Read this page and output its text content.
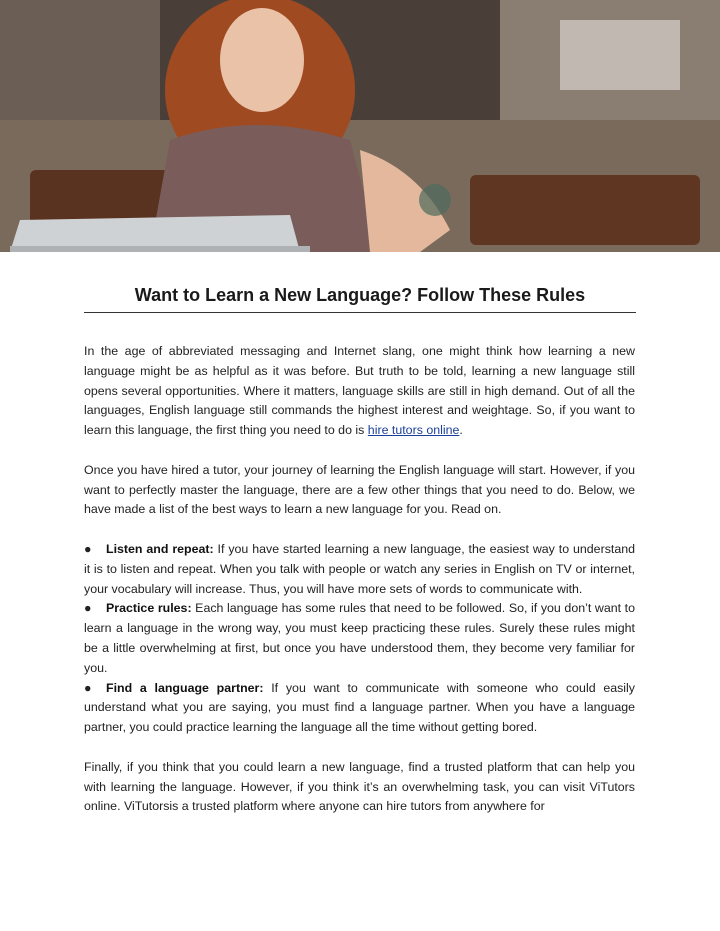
Want to Learn a New Language? Follow These Rules

In the age of abbreviated messaging and Internet slang, one might think how learning a new language might be as helpful as it was before. But truth to be told, learning a new language still opens several opportunities. Where it matters, language skills are still in high demand. Out of all the languages, English language still commands the highest interest and weightage. So, if you want to learn this language, the first thing you need to do is hire tutors online.

Once you have hired a tutor, your journey of learning the English language will start. However, if you want to perfectly master the language, there are a few other things that you need to do. Below, we have made a list of the best ways to learn a new language for you. Read on.

● Listen and repeat: If you have started learning a new language, the easiest way to understand it is to listen and repeat. When you talk with people or watch any series in English on TV or internet, your vocabulary will increase. Thus, you will have more sets of words to communicate with.

● Practice rules: Each language has some rules that need to be followed. So, if you don’t want to learn a language in the wrong way, you must keep practicing these rules. Surely these rules might be a little overwhelming at first, but once you have understood them, they become very familiar for you.

● Find a language partner: If you want to communicate with someone who could easily understand what you are saying, you must find a language partner. When you have a language partner, you could practice learning the language all the time without getting bored.

Finally, if you think that you could learn a new language, find a trusted platform that can help you with learning the language. However, if you think it’s an overwhelming task, you can visit ViTutors online. ViTutorsis a trusted platform where anyone can hire tutors from anywhere for
